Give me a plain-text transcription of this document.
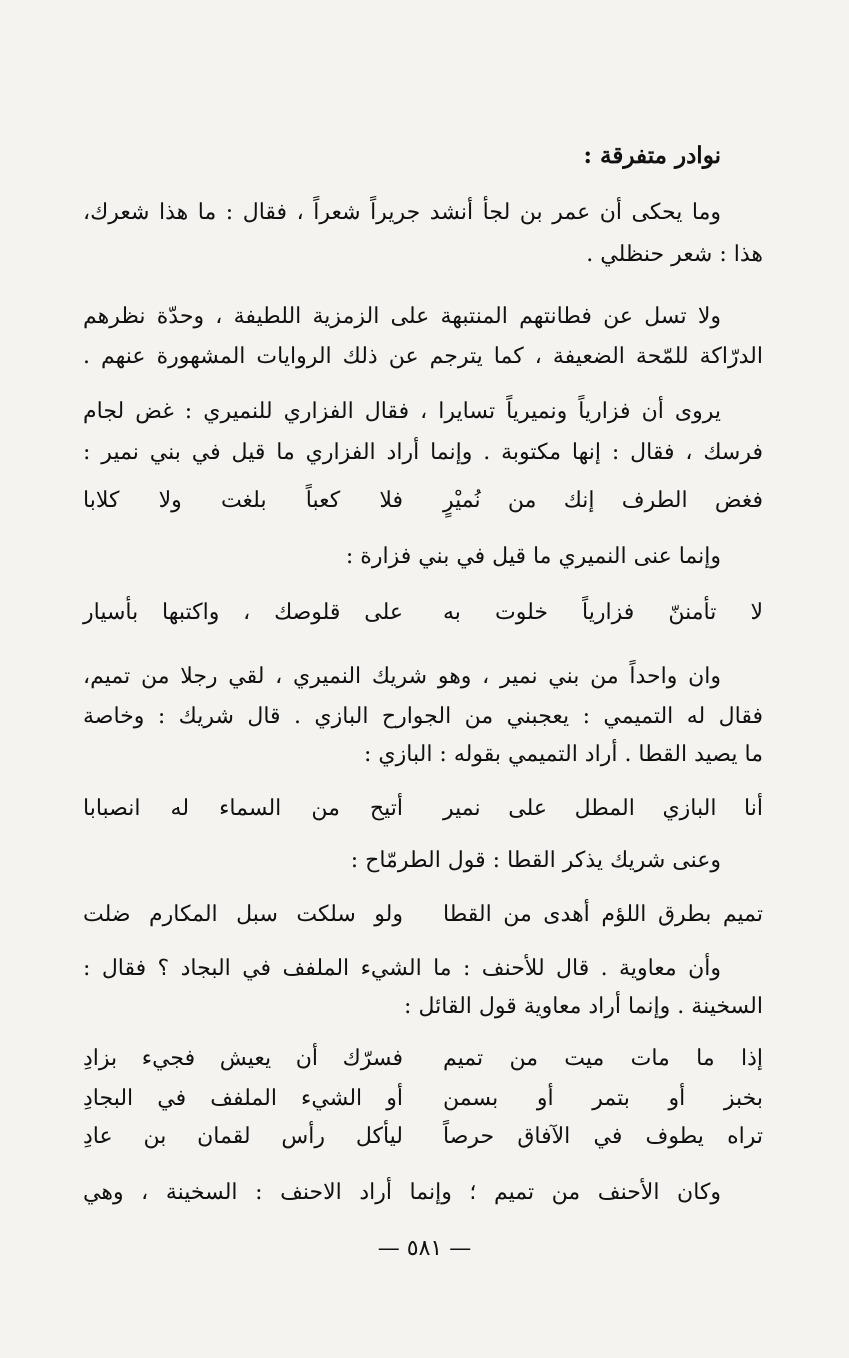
نوادر متفرقة :
وما يحكى أن عمر بن لجأ أنشد جريراً شعراً ، فقال : ما هذا شعرك،
هذا : شعر حنظلي .
ولا تسل عن فطانتهم المنتبهة على الزمزية اللطيفة ، وحدّة نظرهم
الدرّاكة للمّحة الضعيفة ، كما يترجم عن ذلك الروايات المشهورة عنهم .
يروى أن فزارياً ونميرياً تسايرا ، فقال الفزاري للنميري : غض لجام
فرسك ، فقال : إنها مكتوبة . وإنما أراد الفزاري ما قيل في بني نمير :
فغض الطرف إنك من نُميْرٍ
فلا كعباً بلغت ولا كلابا
وإنما عنى النميري ما قيل في بني فزارة :
لا تأمننّ فزارياً خلوت به
على قلوصك ، واكتبها بأسيار
وان واحداً من بني نمير ، وهو شريك النميري ، لقي رجلا من تميم،
فقال له التميمي : يعجبني من الجوارح البازي . قال شريك : وخاصة
ما يصيد القطا . أراد التميمي بقوله : البازي :
أنا البازي المطل على نمير
أتيح من السماء له انصبابا
وعنى شريك يذكر القطا : قول الطرمّاح :
تميم بطرق اللؤم أهدى من القطا
ولو سلكت سبل المكارم ضلت
وأن معاوية . قال للأحنف : ما الشيء الملفف في البجاد ؟ فقال :
السخينة . وإنما أراد معاوية قول القائل :
إذا ما مات ميت من تميم
فسرّك أن يعيش فجيء بزادِ
بخبز أو بتمر أو بسمن
أو الشيء الملفف في البجادِ
تراه يطوف في الآفاق حرصاً
ليأكل رأس لقمان بن عادِ
وكان الأحنف من تميم ؛ وإنما أراد الاحنف : السخينة ، وهي
— ٥٨١ —
